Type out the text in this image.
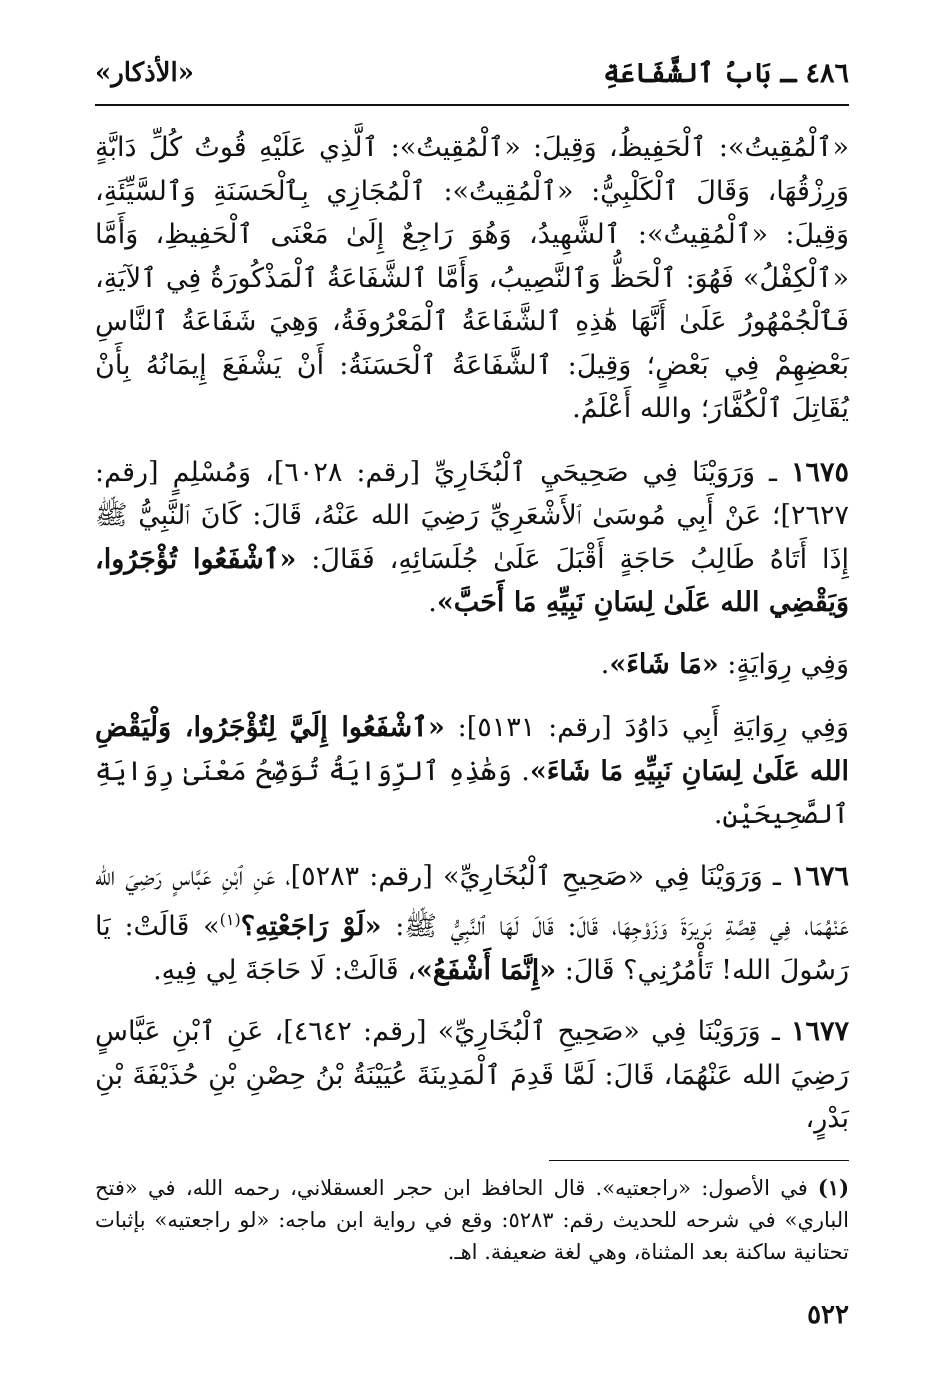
٤٨٦ ـ بَابُ ٱلشَّفَاعَةِ
«الأذكار»

«ٱلْمُقِيتُ»: ٱلْحَفِيظُ، وَقِيلَ: «ٱلْمُقِيتُ»: ٱلَّذِي عَلَيْهِ قُوتُ كُلِّ دَابَّةٍ وَرِزْقُهَا، وَقَالَ ٱلْكَلْبِيُّ: «ٱلْمُقِيتُ»: ٱلْمُجَازِي بِٱلْحَسَنَةِ وَٱلسَّيِّئَةِ، وَقِيلَ: «ٱلْمُقِيتُ»: ٱلشَّهِيدُ، وَهُوَ رَاجِعٌ إِلَىٰ مَعْنَى ٱلْحَفِيظِ، وَأَمَّا «ٱلْكِفْلُ» فَهُوَ: ٱلْحَظُّ وَٱلنَّصِيبُ، وَأَمَّا ٱلشَّفَاعَةُ ٱلْمَذْكُورَةُ فِي ٱلآيَةِ، فَٱلْجُمْهُورُ عَلَىٰ أَنَّهَا هَٰذِهِ ٱلشَّفَاعَةُ ٱلْمَعْرُوفَةُ، وَهِيَ شَفَاعَةُ ٱلنَّاسِ بَعْضِهِمْ فِي بَعْضٍ؛ وَقِيلَ: ٱلشَّفَاعَةُ ٱلْحَسَنَةُ: أَنْ يَشْفَعَ إِيمَانُهُ بِأَنْ يُقَاتِلَ ٱلْكُفَّارَ؛ والله أَعْلَمُ.

١٦٧٥ ـ وَرَوَيْنَا فِي صَحِيحَيِ ٱلْبُخَارِيِّ [رقم: ٦٠٢٨]، وَمُسْلِمٍ [رقم: ٢٦٢٧]؛ عَنْ أَبِي مُوسَىٰ ٱلأَشْعَرِيِّ رَضِيَ الله عَنْهُ، قَالَ: كَانَ ٱلنَّبِيُّ ﷺ إِذَا أَتَاهُ طَالِبُ حَاجَةٍ أَقْبَلَ عَلَىٰ جُلَسَائِهِ، فَقَالَ: «ٱشْفَعُوا تُؤْجَرُوا، وَيَقْضِي الله عَلَىٰ لِسَانِ نَبِيِّهِ مَا أَحَبَّ».

وَفِي رِوَايَةٍ: «مَا شَاءَ».

وَفِي رِوَايَةِ أَبِي دَاوُدَ [رقم: ٥١٣١]: «ٱشْفَعُوا إِلَيَّ لِتُؤْجَرُوا، وَلْيَقْضِ الله عَلَىٰ لِسَانِ نَبِيِّهِ مَا شَاءَ». وَهَٰذِهِ ٱلرِّوَايَةُ تُوَضِّحُ مَعْنَىٰ رِوَايَةِ ٱلصَّحِيحَيْنِ.

١٦٧٦ ـ وَرَوَيْنَا فِي «صَحِيحِ ٱلْبُخَارِيِّ» [رقم: ٥٢٨٣]، عَنِ ٱبْنِ عَبَّاسٍ رَضِيَ الله عَنْهُمَا، فِي قِصَّةِ بَرِيرَةَ وَزَوْجِهَا، قَالَ: قَالَ لَهَا ٱلنَّبِيُّ ﷺ: «لَوْ رَاجَعْتِهِ؟$^{(١)}$» قَالَتْ: يَا رَسُولَ الله! تَأْمُرُنِي؟ قَالَ: «إِنَّمَا أَشْفَعُ»، قَالَتْ: لَا حَاجَةَ لِي فِيهِ.

١٦٧٧ ـ وَرَوَيْنَا فِي «صَحِيحِ ٱلْبُخَارِيِّ» [رقم: ٤٦٤٢]، عَنِ ٱبْنِ عَبَّاسٍ رَضِيَ الله عَنْهُمَا، قَالَ: لَمَّا قَدِمَ ٱلْمَدِينَةَ عُيَيْنَةُ بْنُ حِصْنِ بْنِ حُذَيْفَةَ بْنِ بَدْرٍ،

(١)في الأصول: «راجعتيه». قال الحافظ ابن حجر العسقلاني، رحمه الله، في «فتح الباري» في شرحه للحديث رقم: ٥٢٨٣: وقع في رواية ابن ماجه: «لو راجعتيه» بإثبات تحتانية ساكنة بعد المثناة، وهي لغة ضعيفة. اهـ.
٥٢٢
